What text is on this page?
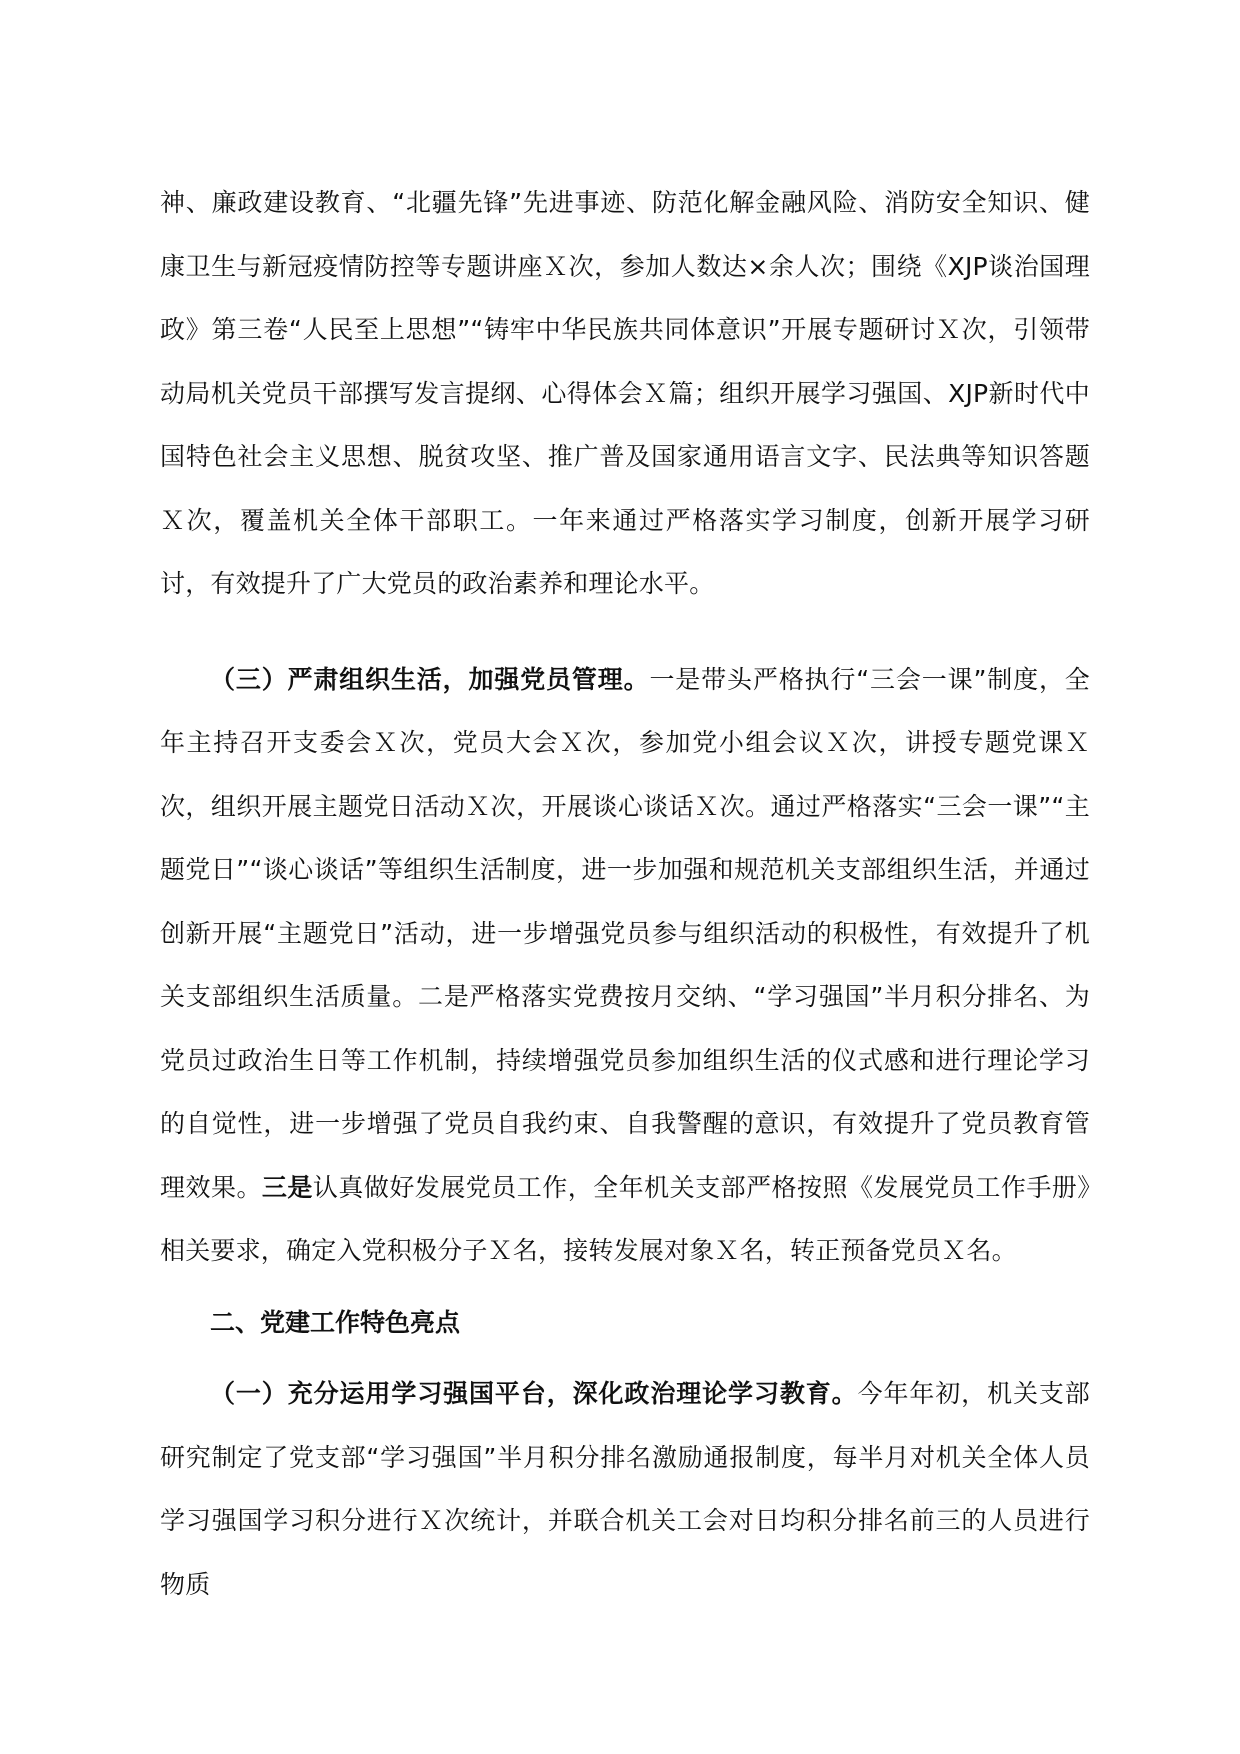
神、廉政建设教育、“北疆先锋”先进事迹、防范化解金融风险、消防安全知识、健康卫生与新冠疫情防控等专题讲座Ｘ次，参加人数达×余人次；围绕《XJP谈治国理政》第三卷“人民至上思想”“铸牢中华民族共同体意识”开展专题研讨Ｘ次，引领带动局机关党员干部撰写发言提纲、心得体会Ｘ篇；组织开展学习强国、XJP新时代中国特色社会主义思想、脱贫攻坚、推广普及国家通用语言文字、民法典等知识答题Ｘ次，覆盖机关全体干部职工。一年来通过严格落实学习制度，创新开展学习研讨，有效提升了广大党员的政治素养和理论水平。

（三）严肃组织生活，加强党员管理。一是带头严格执行“三会一课”制度，全年主持召开支委会Ｘ次，党员大会Ｘ次，参加党小组会议Ｘ次，讲授专题党课Ｘ次，组织开展主题党日活动Ｘ次，开展谈心谈话Ｘ次。通过严格落实“三会一课”“主题党日”“谈心谈话”等组织生活制度，进一步加强和规范机关支部组织生活，并通过创新开展“主题党日”活动，进一步增强党员参与组织活动的积极性，有效提升了机关支部组织生活质量。二是严格落实党费按月交纳、“学习强国”半月积分排名、为党员过政治生日等工作机制，持续增强党员参加组织生活的仪式感和进行理论学习的自觉性，进一步增强了党员自我约束、自我警醒的意识，有效提升了党员教育管理效果。三是认真做好发展党员工作，全年机关支部严格按照《发展党员工作手册》相关要求，确定入党积极分子Ｘ名，接转发展对象Ｘ名，转正预备党员Ｘ名。

二、党建工作特色亮点

（一）充分运用学习强国平台，深化政治理论学习教育。今年年初，机关支部研究制定了党支部“学习强国”半月积分排名激励通报制度，每半月对机关全体人员学习强国学习积分进行Ｘ次统计，并联合机关工会对日均积分排名前三的人员进行物质
